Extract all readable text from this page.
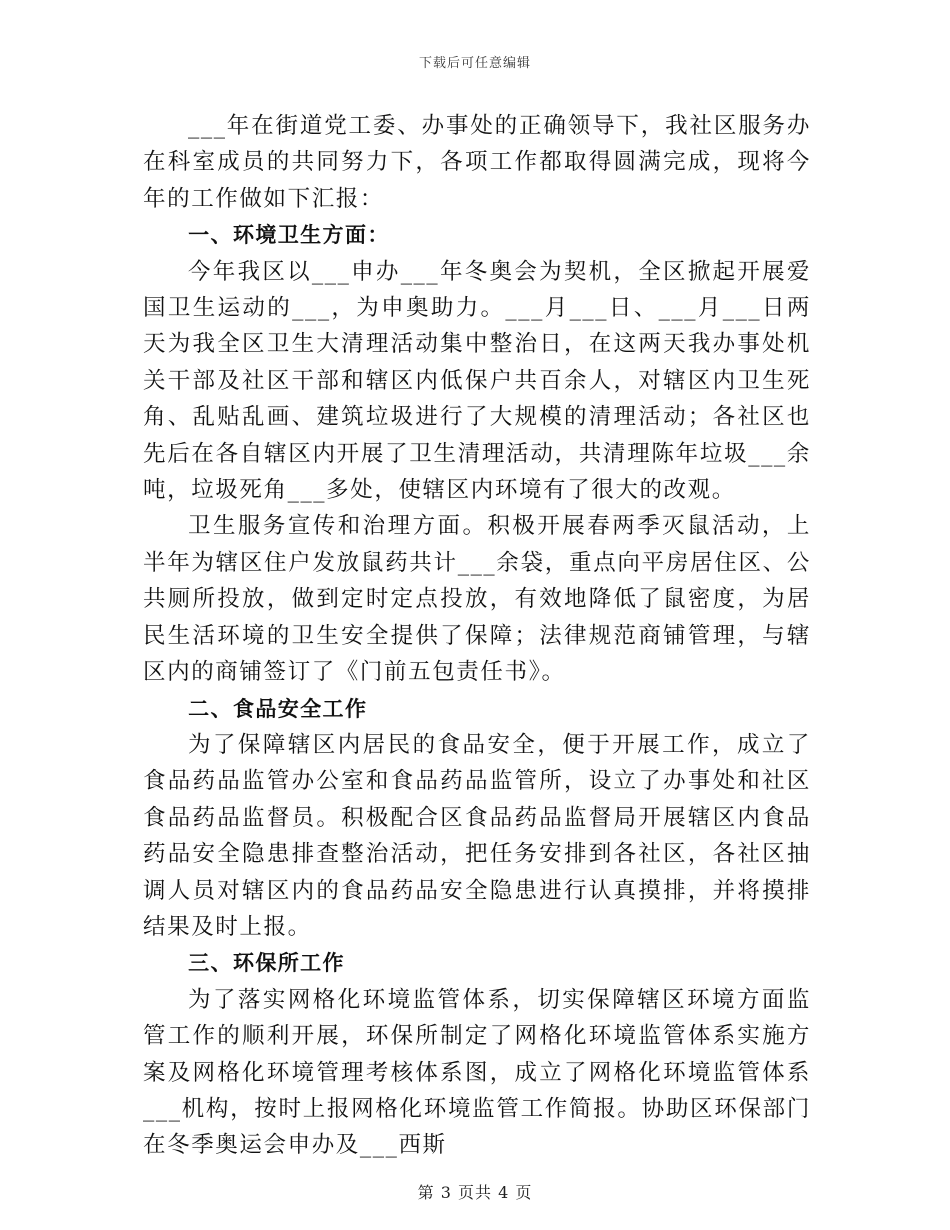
下载后可任意编辑

___年在街道党工委、办事处的正确领导下，我社区服务办在科室成员的共同努力下，各项工作都取得圆满完成，现将今年的工作做如下汇报：

一、环境卫生方面：

今年我区以___申办___年冬奥会为契机，全区掀起开展爱国卫生运动的___，为申奥助力。___月___日、___月___日两天为我全区卫生大清理活动集中整治日，在这两天我办事处机关干部及社区干部和辖区内低保户共百余人，对辖区内卫生死角、乱贴乱画、建筑垃圾进行了大规模的清理活动；各社区也先后在各自辖区内开展了卫生清理活动，共清理陈年垃圾___余吨，垃圾死角___多处，使辖区内环境有了很大的改观。

卫生服务宣传和治理方面。积极开展春两季灭鼠活动，上半年为辖区住户发放鼠药共计___余袋，重点向平房居住区、公共厕所投放，做到定时定点投放，有效地降低了鼠密度，为居民生活环境的卫生安全提供了保障；法律规范商铺管理，与辖区内的商铺签订了《门前五包责任书》。

二、食品安全工作

为了保障辖区内居民的食品安全，便于开展工作，成立了食品药品监管办公室和食品药品监管所，设立了办事处和社区食品药品监督员。积极配合区食品药品监督局开展辖区内食品药品安全隐患排查整治活动，把任务安排到各社区，各社区抽调人员对辖区内的食品药品安全隐患进行认真摸排，并将摸排结果及时上报。

三、环保所工作

为了落实网格化环境监管体系，切实保障辖区环境方面监管工作的顺利开展，环保所制定了网格化环境监管体系实施方案及网格化环境管理考核体系图，成立了网格化环境监管体系___机构，按时上报网格化环境监管工作简报。协助区环保部门在冬季奥运会申办及___西斯

第 3 页共 4 页
